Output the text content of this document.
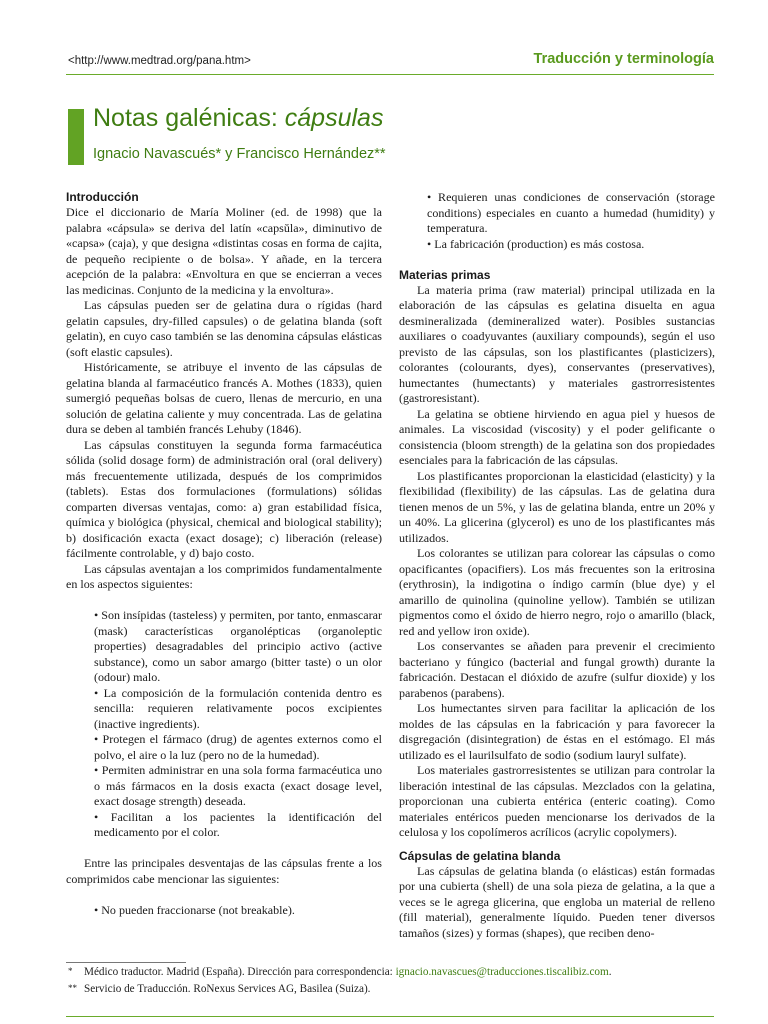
<http://www.medtrad.org/pana.htm>	Traducción y terminología
Notas galénicas: cápsulas
Ignacio Navascués* y Francisco Hernández**
Introducción

Dice el diccionario de María Moliner (ed. de 1998) que la palabra «cápsula» se deriva del latín «capsŭla», diminutivo de «capsa» (caja), y que designa «distintas cosas en forma de cajita, de pequeño recipiente o de bolsa». Y añade, en la tercera acepción de la palabra: «Envoltura en que se encierran a veces las medicinas. Conjunto de la medicina y la envoltura».

Las cápsulas pueden ser de gelatina dura o rígidas (hard gelatin capsules, dry-filled capsules) o de gelatina blanda (soft gelatin), en cuyo caso también se las denomina cápsulas elásticas (soft elastic capsules).

Históricamente, se atribuye el invento de las cápsulas de gelatina blanda al farmacéutico francés A. Mothes (1833), quien sumergió pequeñas bolsas de cuero, llenas de mercurio, en una solución de gelatina caliente y muy concentrada. Las de gelatina dura se deben al también francés Lehuby (1846).

Las cápsulas constituyen la segunda forma farmacéutica sólida (solid dosage form) de administración oral (oral delivery) más frecuentemente utilizada, después de los comprimidos (tablets). Estas dos formulaciones (formulations) sólidas comparten diversas ventajas, como: a) gran estabilidad física, química y biológica (physical, chemical and biological stability); b) dosificación exacta (exact dosage); c) liberación (release) fácilmente controlable, y d) bajo costo.

Las cápsulas aventajan a los comprimidos fundamentalmente en los aspectos siguientes:

• Son insípidas (tasteless) y permiten, por tanto, enmascarar (mask) características organolépticas (organoleptic properties) desagradables del principio activo (active substance), como un sabor amargo (bitter taste) o un olor (odour) malo.

• La composición de la formulación contenida dentro es sencilla: requieren relativamente pocos excipientes (inactive ingredients).

• Protegen el fármaco (drug) de agentes externos como el polvo, el aire o la luz (pero no de la humedad).

• Permiten administrar en una sola forma farmacéutica uno o más fármacos en la dosis exacta (exact dosage level, exact dosage strength) deseada.

• Facilitan a los pacientes la identificación del medicamento por el color.

Entre las principales desventajas de las cápsulas frente a los comprimidos cabe mencionar las siguientes:

• No pueden fraccionarse (not breakable).

• Requieren unas condiciones de conservación (storage conditions) especiales en cuanto a humedad (humidity) y temperatura.

• La fabricación (production) es más costosa.

Materias primas

La materia prima (raw material) principal utilizada en la elaboración de las cápsulas es gelatina disuelta en agua desmineralizada (demineralized water). Posibles sustancias auxiliares o coadyuvantes (auxiliary compounds), según el uso previsto de las cápsulas, son los plastificantes (plasticizers), colorantes (colourants, dyes), conservantes (preservatives), humectantes (humectants) y materiales gastrorresistentes (gastroresistant).

La gelatina se obtiene hirviendo en agua piel y huesos de animales. La viscosidad (viscosity) y el poder gelificante o consistencia (bloom strength) de la gelatina son dos propiedades esenciales para la fabricación de las cápsulas.

Los plastificantes proporcionan la elasticidad (elasticity) y la flexibilidad (flexibility) de las cápsulas. Las de gelatina dura tienen menos de un 5%, y las de gelatina blanda, entre un 20% y un 40%. La glicerina (glycerol) es uno de los plastificantes más utilizados.

Los colorantes se utilizan para colorear las cápsulas o como opacificantes (opacifiers). Los más frecuentes son la eritrosina (erythrosin), la indigotina o índigo carmín (blue dye) y el amarillo de quinolina (quinoline yellow). También se utilizan pigmentos como el óxido de hierro negro, rojo o amarillo (black, red and yellow iron oxide).

Los conservantes se añaden para prevenir el crecimiento bacteriano y fúngico (bacterial and fungal growth) durante la fabricación. Destacan el dióxido de azufre (sulfur dioxide) y los parabenos (parabens).

Los humectantes sirven para facilitar la aplicación de los moldes de las cápsulas en la fabricación y para favorecer la disgregación (disintegration) de éstas en el estómago. El más utilizado es el laurilsulfato de sodio (sodium lauryl sulfate).

Los materiales gastrorresistentes se utilizan para controlar la liberación intestinal de las cápsulas. Mezclados con la gelatina, proporcionan una cubierta entérica (enteric coating). Como materiales entéricos pueden mencionarse los derivados de la celulosa y los copolímeros acrílicos (acrylic copolymers).

Cápsulas de gelatina blanda

Las cápsulas de gelatina blanda (o elásticas) están formadas por una cubierta (shell) de una sola pieza de gelatina, a la que a veces se le agrega glicerina, que engloba un material de relleno (fill material), generalmente líquido. Pueden tener diversos tamaños (sizes) y formas (shapes), que reciben deno-

* Médico traductor. Madrid (España). Dirección para correspondencia: ignacio.navascues@traducciones.tiscalibiz.com.
** Servicio de Traducción. RoNexus Services AG, Basilea (Suiza).
